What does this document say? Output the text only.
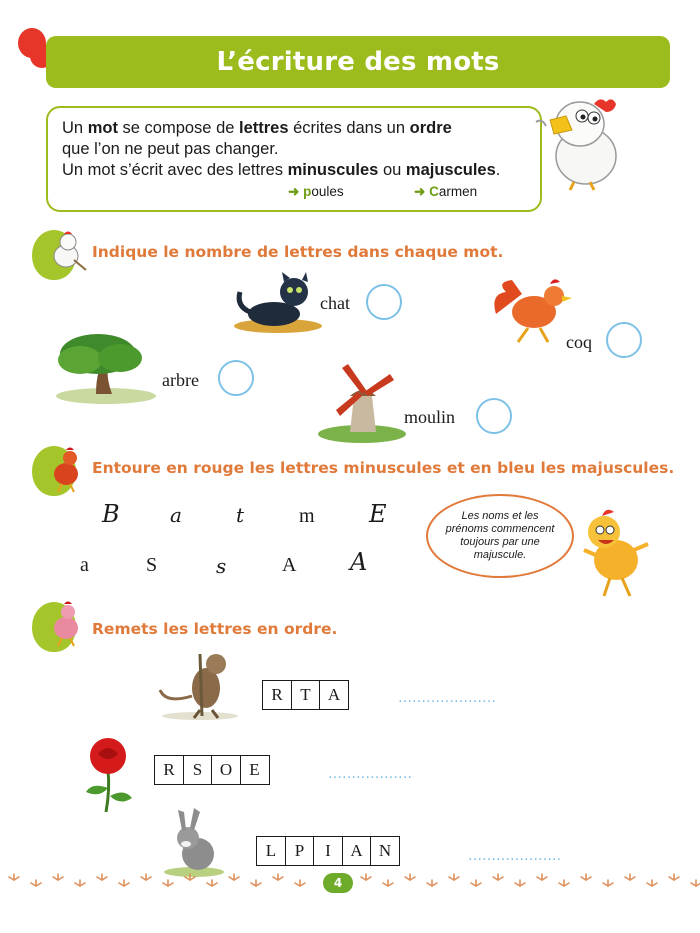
L’écriture des mots
Un mot se compose de lettres écrites dans un ordre
que l’on ne peut pas changer.
Un mot s’écrit avec des lettres minuscules ou majuscules.
➜ poules	➜ Carmen
Indique le nombre de lettres dans chaque mot.
chat
coq
arbre
moulin
Entoure en rouge les lettres minuscules et en bleu les majuscules.
B	a	t	m E
a	S	s	A A
Les noms et les prénoms commencent toujours par une majuscule.
Remets les lettres en ordre.
R	T	A	…………………
R	S	O	E	………………
L	P	I	A N	………………..
4
